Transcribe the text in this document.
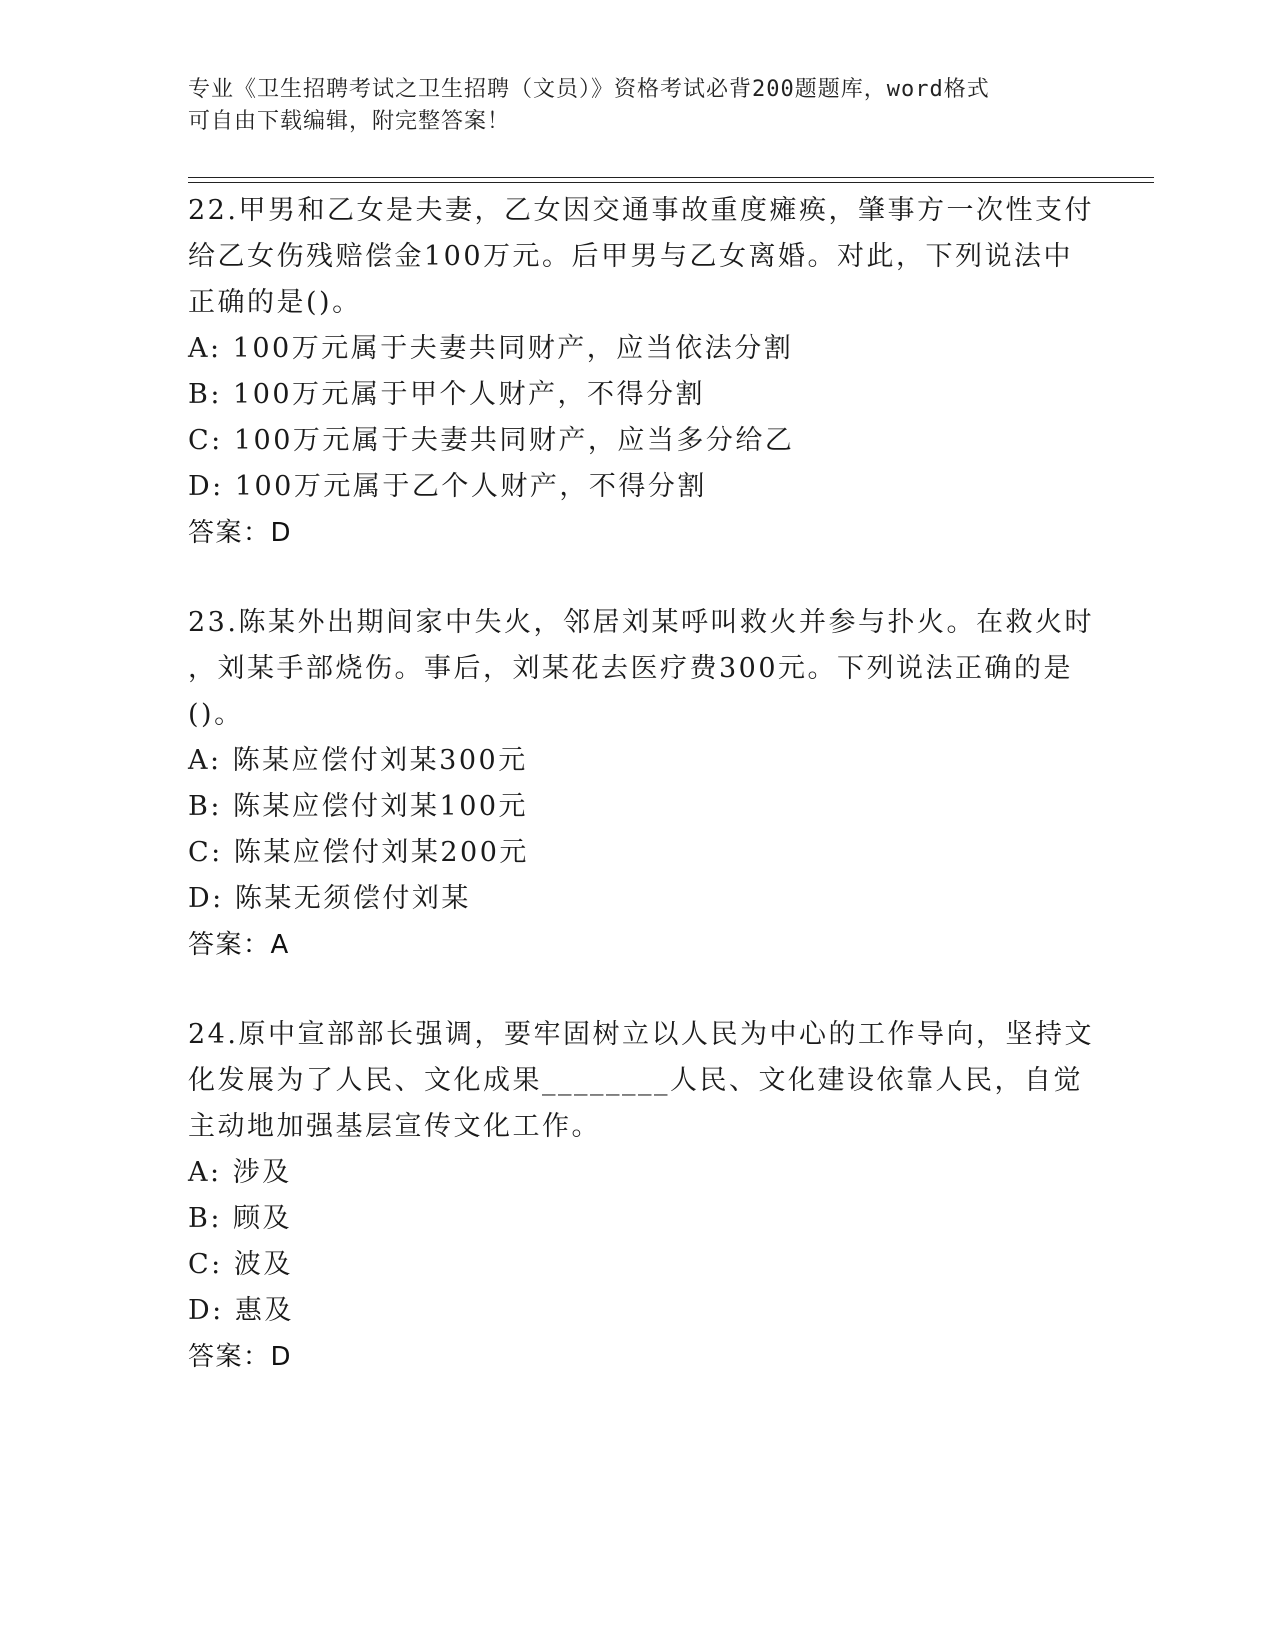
专业《卫生招聘考试之卫生招聘（文员）》资格考试必背200题题库，word格式

可自由下载编辑，附完整答案！

22.甲男和乙女是夫妻，乙女因交通事故重度瘫痪，肇事方一次性支付
给乙女伤残赔偿金100万元。后甲男与乙女离婚。对此，下列说法中
正确的是()。
A: 100万元属于夫妻共同财产，应当依法分割
B: 100万元属于甲个人财产，不得分割
C: 100万元属于夫妻共同财产，应当多分给乙
D: 100万元属于乙个人财产，不得分割
答案：D
23.陈某外出期间家中失火，邻居刘某呼叫救火并参与扑火。在救火时
，刘某手部烧伤。事后，刘某花去医疗费300元。下列说法正确的是
()。
A: 陈某应偿付刘某300元
B: 陈某应偿付刘某100元
C: 陈某应偿付刘某200元
D: 陈某无须偿付刘某
答案：A
24.原中宣部部长强调，要牢固树立以人民为中心的工作导向，坚持文
化发展为了人民、文化成果________人民、文化建设依靠人民，自觉
主动地加强基层宣传文化工作。
A: 涉及
B: 顾及
C: 波及
D: 惠及
答案：D
